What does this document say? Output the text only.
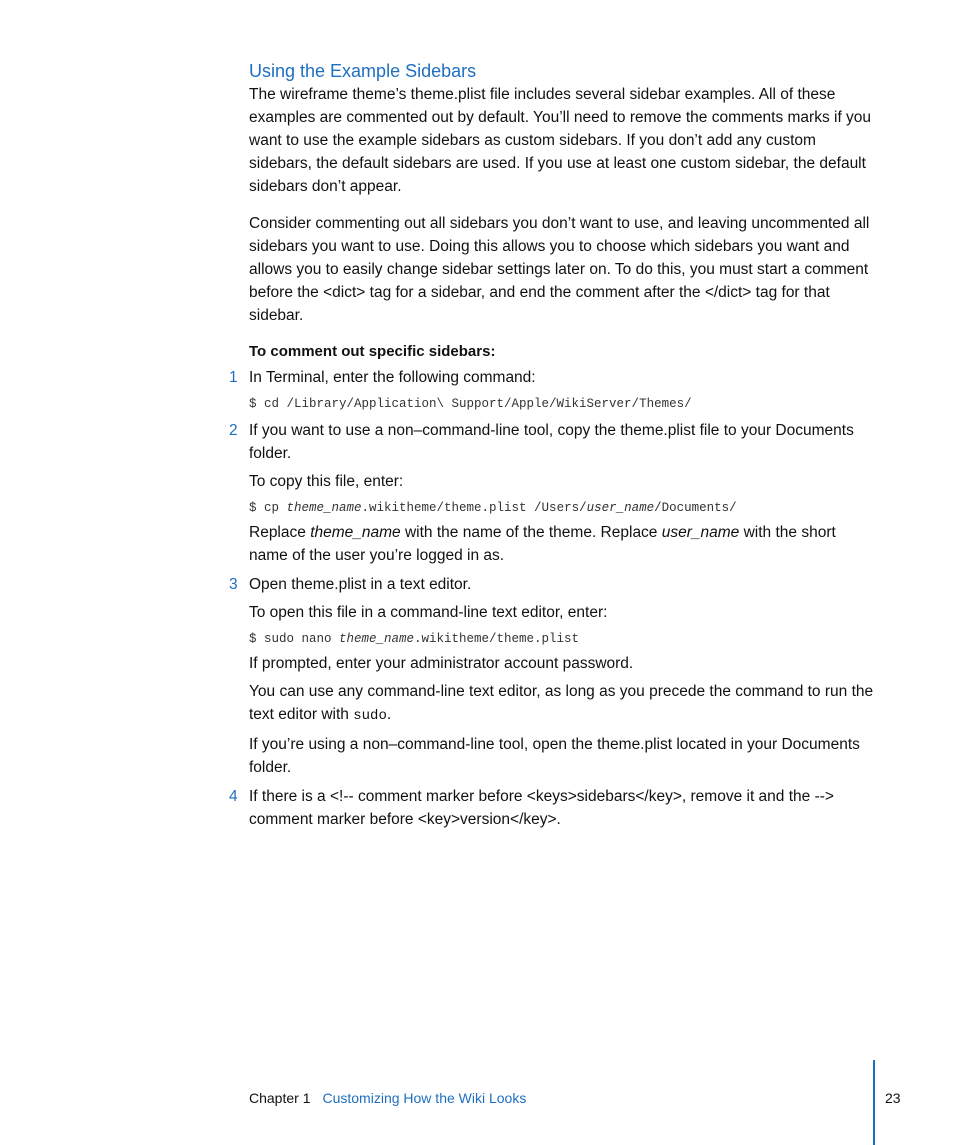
Using the Example Sidebars

The wireframe theme’s theme.plist file includes several sidebar examples. All of these examples are commented out by default. You’ll need to remove the comments marks if you want to use the example sidebars as custom sidebars. If you don’t add any custom sidebars, the default sidebars are used. If you use at least one custom sidebar, the default sidebars don’t appear.

Consider commenting out all sidebars you don’t want to use, and leaving uncommented all sidebars you want to use. Doing this allows you to choose which sidebars you want and allows you to easily change sidebar settings later on. To do this, you must start a comment before the <dict> tag for a sidebar, and end the comment after the </dict> tag for that sidebar.

To comment out specific sidebars:

1 In Terminal, enter the following command:

$ cd /Library/Application\ Support/Apple/WikiServer/Themes/
2 If you want to use a non–command-line tool, copy the theme.plist file to your Documents folder.

To copy this file, enter:

$ cp theme_name.wikitheme/theme.plist /Users/user_name/Documents/

Replace theme_name with the name of the theme. Replace user_name with the short name of the user you’re logged in as.

3 Open theme.plist in a text editor.

To open this file in a command-line text editor, enter:

$ sudo nano theme_name.wikitheme/theme.plist

If prompted, enter your administrator account password.

You can use any command-line text editor, as long as you precede the command to run the text editor with sudo.

If you’re using a non–command-line tool, open the theme.plist located in your Documents folder.

4 If there is a <!-- comment marker before <keys>sidebars</key>, remove it and the --> comment marker before <key>version</key>.

Chapter 1 Customizing How the Wiki Looks	23
